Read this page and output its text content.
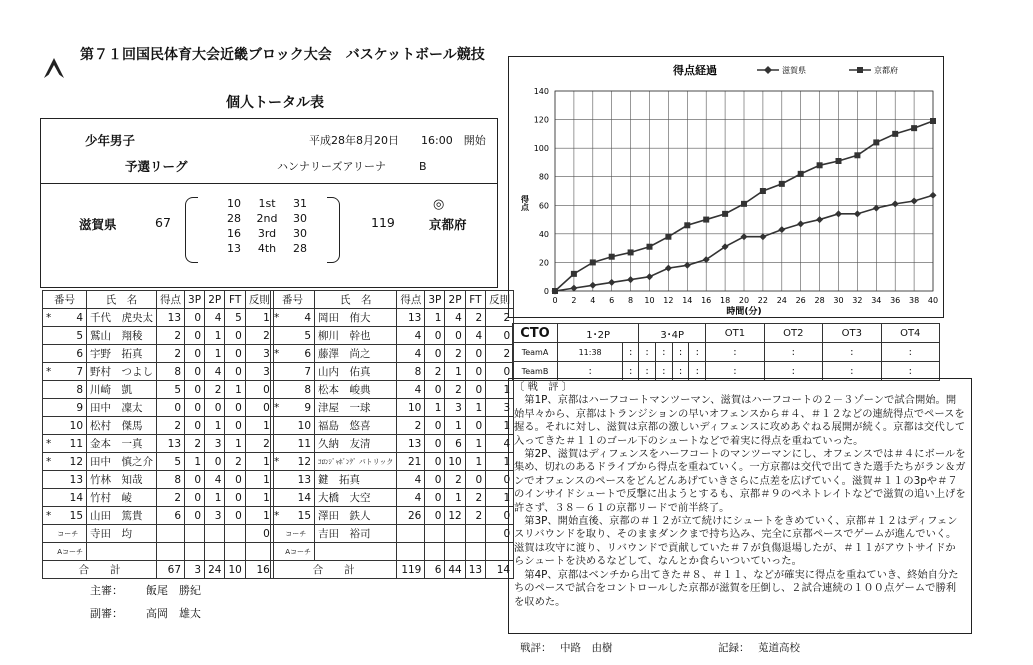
第７１回国民体育大会近畿ブロック大会　バスケットボール競技
個人トータル表
少年男子	平成28年8月20日　　16:00　開始
予選リーグ	ハンナリーズアリーナ　　　B
滋賀県	67
10	1st	31
28	2nd	30
16	3rd	30
13	4th	28
119
◎
京都府
番号		氏　名	得点	3P	2P	FT	反則
*	4	千代　虎央太	13	0	4	5	1
	5	鷲山　翔稜	2	0	1	0	2
	6	宇野　拓真	2	0	1	0	3
*	7	野村　つよし	8	0	4	0	3
	8	川崎　凱	5	0	2	1	0
	9	田中　凜太	0	0	0	0	0
	10	松村　傑馬	2	0	1	0	1
*	11	金本　一真	13	2	3	1	2
*	12	田中　慎之介	5	1	0	2	1
	13	竹林　知哉	8	0	4	0	1
	14	竹村　崚	2	0	1	0	1
*	15	山田　篤貴	6	0	3	0	1
	コーチ	寺田　均					0
	Aコーチ						
合　　計			67	3	24	10	16
番号		氏　名	得点	3P	2P	FT	反則
*	4	岡田　侑大	13	1	4	2	2
	5	柳川　幹也	4	0	0	4	0
*	6	藤澤　尚之	4	0	2	0	2
	7	山内　佑真	8	2	1	0	0
	8	松本　峻典	4	0	2	0	1
*	9	津屋　一球	10	1	3	1	3
	10	福島　悠喜	2	0	1	0	1
	11	久納　友清	13	0	6	1	4
*	12	ｺﾛﾝｼﾞｬﾎﾞﾝｸﾞ パトリック	21	0	10	1	1
	13	鍵　拓真	4	0	2	0	0
	14	大橋　大空	4	0	1	2	1
*	15	澤田　鉄人	26	0	12	2	0
	コーチ	吉田　裕司					0
	Aコーチ						
合　　計			119	6	44	13	14
主審： 飯尾　勝紀
副審： 高岡　雄太
0
20
40
60
80
100
120
140
0 2 4 6 8 10 12 14 16 18 20 22 24 26 28 30 32 34 36 38 40
得点経過
時間(分)
得点
滋賀県	京都府
CTO	1･2P		3･4P				OT1	OT2	OT3	OT4
TeamA	11:38	:	:	:	:	:	:	:	:	:
TeamB	:	:	:	:	:	:	:	:	:	:
〔 戦　評 〕

第1P、京都はハーフコートマンツーマン、滋賀はハーフコートの２－３ゾーンで試合開始。開始早々から、京都はトランジションの早いオフェンスから＃４、＃１２などの連続得点でペースを握る。それに対し、滋賀は京都の激しいディフェンスに攻めあぐねる展開が続く。京都は交代して入ってきた＃１１のゴール下のシュートなどで着実に得点を重ねていった。

第2P、滋賀はディフェンスをハーフコートのマンツーマンにし、オフェンスでは＃４にボールを集め、切れのあるドライブから得点を重ねていく。一方京都は交代で出てきた選手たちがラン＆ガンでオフェンスのペースをどんどんあげていきさらに点差を広げていく。滋賀＃１１の3pや＃７のインサイドシュートで反撃に出ようとするも、京都＃９のペネトレイトなどで滋賀の追い上げを許さず、３８－６１の京都リードで前半終了。

第3P、開始直後、京都の＃１２が立て続けにシュートをきめていく、京都＃１２はディフェンスリバウンドを取り、そのままダンクまで持ち込み、完全に京都ペースでゲームが進んでいく。滋賀は攻守に渡り、リバウンドで貢献していた＃７が負傷退場したが、＃１１がアウトサイドからシュートを決めるなどして、なんとか食らいついていった。

第4P、京都はベンチから出てきた＃８、＃１１、などが確実に得点を重ねていき、終始自分たちのペースで試合をコントロールした京都が滋賀を圧倒し、２試合連続の１００点ゲームで勝利を収めた。

戦評： 中路　由樹	記録： 莵道高校
